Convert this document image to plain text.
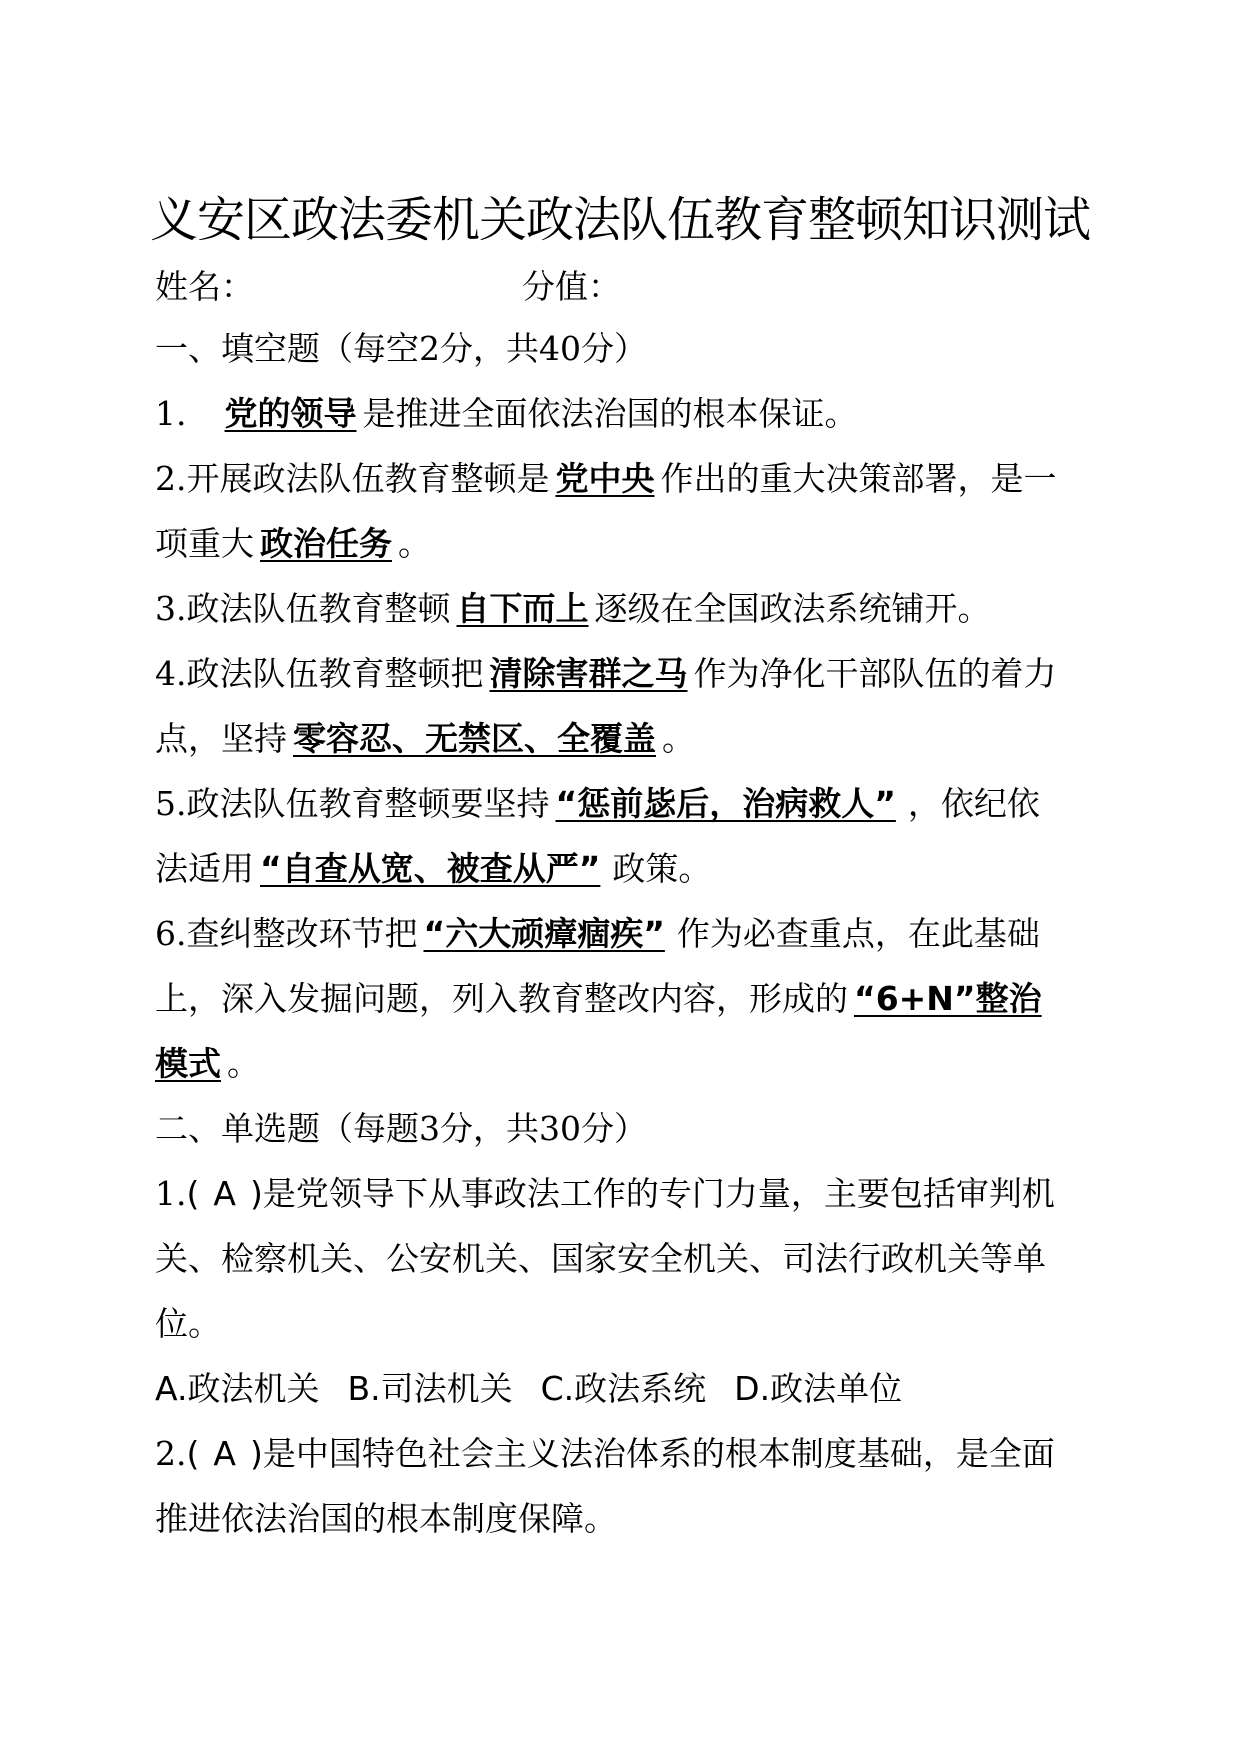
义安区政法委机关政法队伍教育整顿知识测试
姓名：	分值：
一、填空题（每空2分，共40分）
1. 党的领导 是推进全面依法治国的根本保证。
2.开展政法队伍教育整顿是 党中央 作出的重大决策部署，是一
项重大 政治任务 。
3.政法队伍教育整顿 自下而上 逐级在全国政法系统铺开。
4.政法队伍教育整顿把 清除害群之马 作为净化干部队伍的着力
点，坚持 零容忍、无禁区、全覆盖 。
5.政法队伍教育整顿要坚持 “惩前毖后，治病救人” ，依纪依
法适用 “自查从宽、被查从严” 政策。
6.查纠整改环节把 “六大顽瘴痼疾” 作为必查重点，在此基础
上，深入发掘问题，列入教育整改内容，形成的 “6+N”整治
模式 。
二、单选题（每题3分，共30分）
1.( A )是党领导下从事政法工作的专门力量，主要包括审判机
关、检察机关、公安机关、国家安全机关、司法行政机关等单
位。
A.政法机关 B.司法机关 C.政法系统 D.政法单位
2.( A )是中国特色社会主义法治体系的根本制度基础，是全面
推进依法治国的根本制度保障。
